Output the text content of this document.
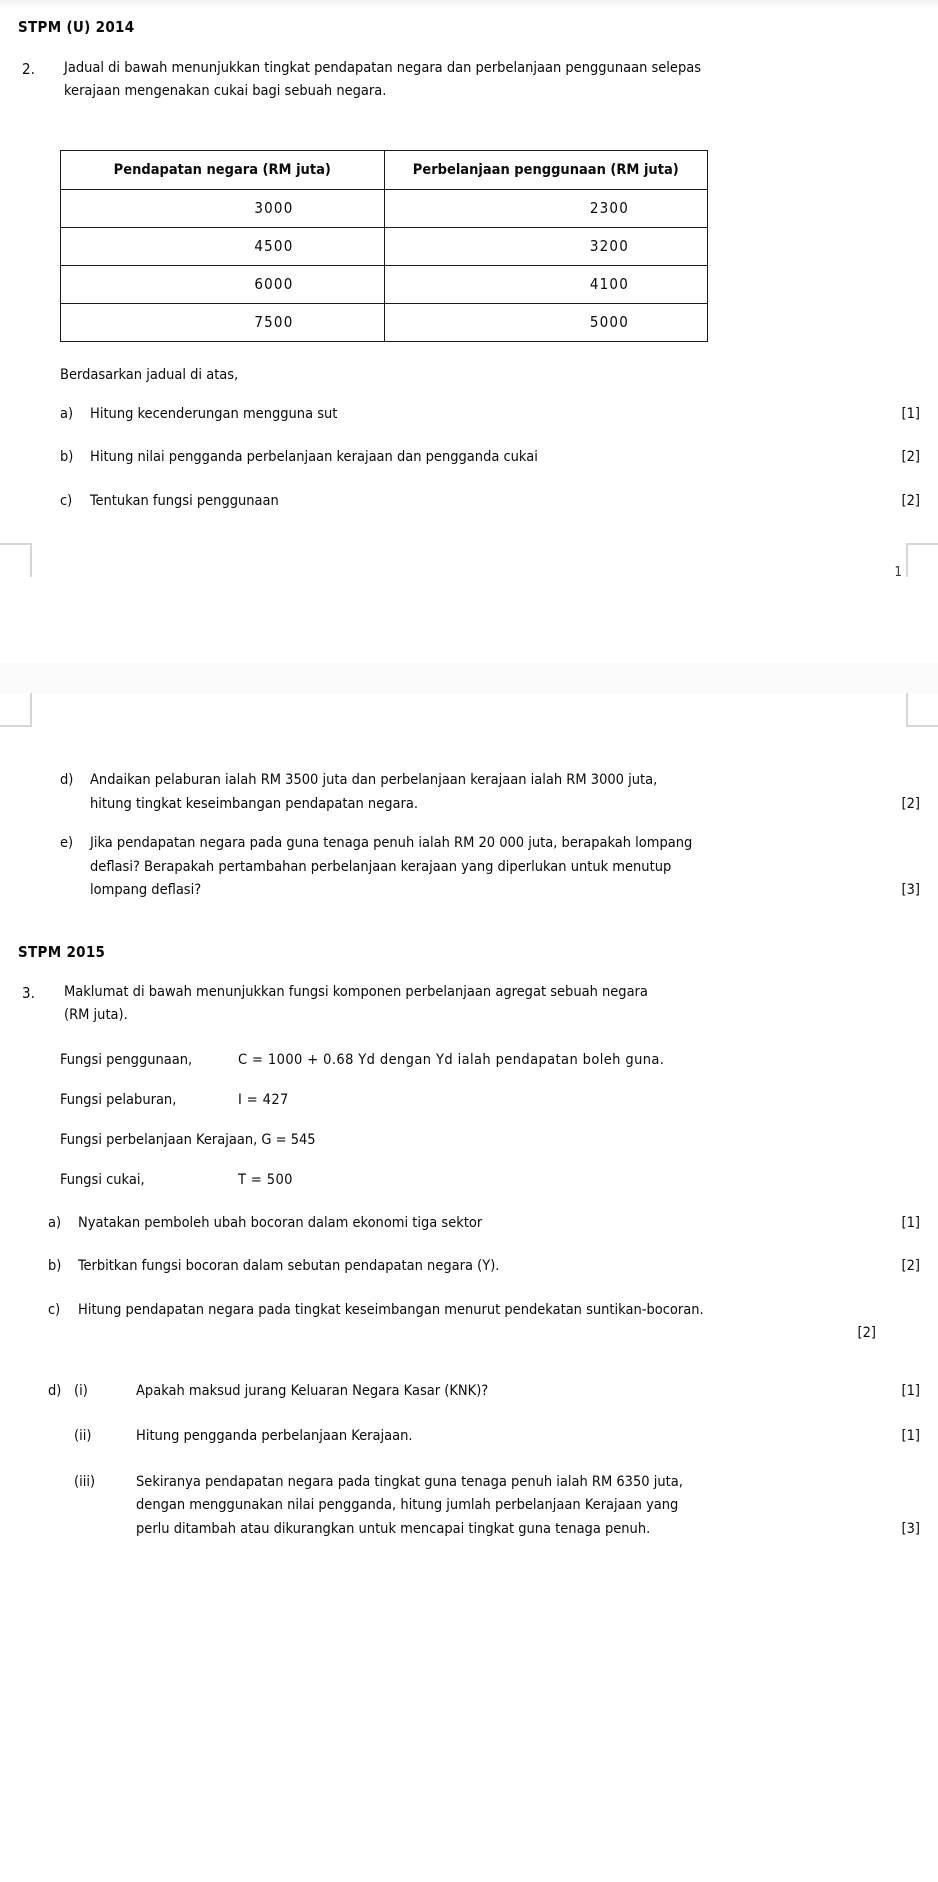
STPM (U) 2014
2.	Jadual di bawah menunjukkan tingkat pendapatan negara dan perbelanjaan penggunaan selepas kerajaan mengenakan cukai bagi sebuah negara.
Pendapatan negara (RM juta)	Perbelanjaan penggunaan (RM juta)
3000	2300
4500	3200
6000	4100
7500	5000
Berdasarkan jadual di atas,
a)	Hitung kecenderungan mengguna sut	[1]
b)	Hitung nilai pengganda perbelanjaan kerajaan dan pengganda cukai	[2]
c)	Tentukan fungsi penggunaan	[2]
1
d)	Andaikan pelaburan ialah RM 3500 juta dan perbelanjaan kerajaan ialah RM 3000 juta,

hitung tingkat keseimbangan pendapatan negara.	[2]

e)	Jika pendapatan negara pada guna tenaga penuh ialah RM 20 000 juta, berapakah lompang

deflasi? Berapakah pertambahan perbelanjaan kerajaan yang diperlukan untuk menutup

lompang deflasi?	[3]

STPM 2015
3.	Maklumat di bawah menunjukkan fungsi komponen perbelanjaan agregat sebuah negara
(RM juta).
Fungsi penggunaan,	C = 1000 + 0.68 Yd dengan Yd ialah pendapatan boleh guna.
Fungsi pelaburan,	I = 427
Fungsi perbelanjaan Kerajaan, G = 545
Fungsi cukai,	T = 500
a)	Nyatakan pemboleh ubah bocoran dalam ekonomi tiga sektor	[1]
b)	Terbitkan fungsi bocoran dalam sebutan pendapatan negara (Y).	[2]
c)	Hitung pendapatan negara pada tingkat keseimbangan menurut pendekatan suntikan-bocoran.

[2]

d) (i)	Apakah maksud jurang Keluaran Negara Kasar (KNK)?	[1]
(ii)	Hitung pengganda perbelanjaan Kerajaan.	[1]
(iii)	Sekiranya pendapatan negara pada tingkat guna tenaga penuh ialah RM 6350 juta,

dengan menggunakan nilai pengganda, hitung jumlah perbelanjaan Kerajaan yang

perlu ditambah atau dikurangkan untuk mencapai tingkat guna tenaga penuh.	[3]
